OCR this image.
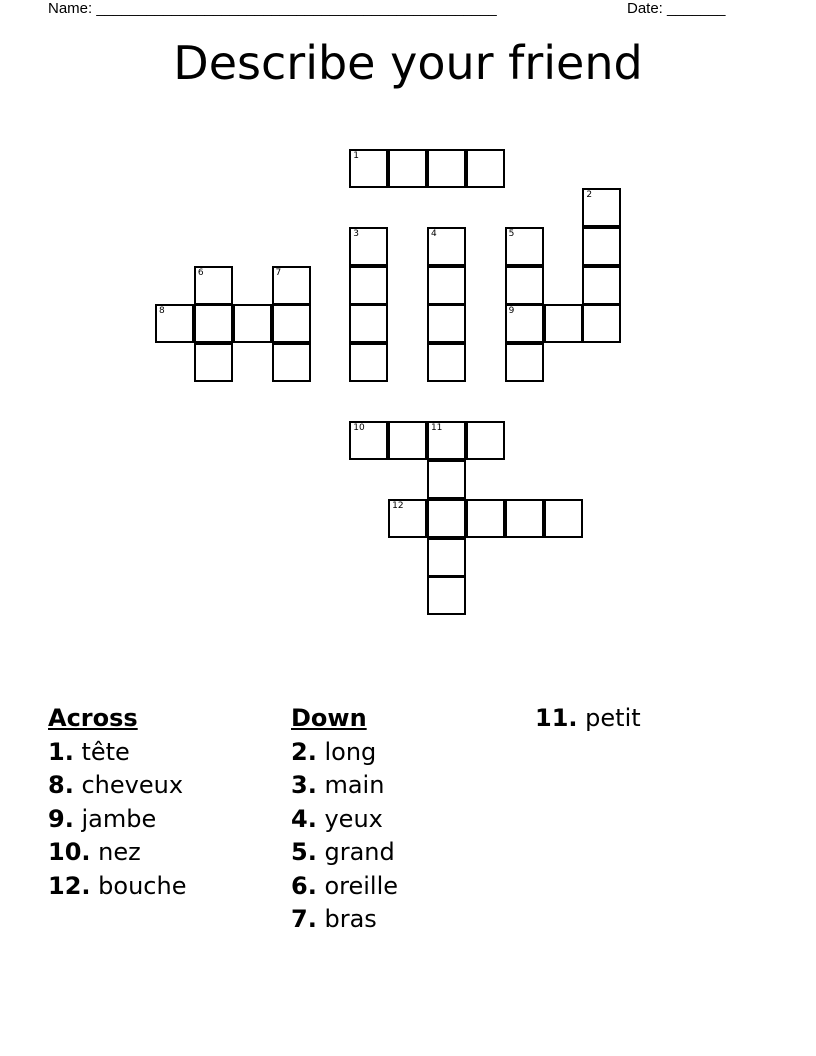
Name: ________________________________________________	Date: _______
Describe your friend
1
2
3	4	5
9
6	7
8
10	11
12
Across
1. tête
8. cheveux
9. jambe
10. nez
12. bouche
Down
2. long
3. main
4. yeux
5. grand
6. oreille
7. bras
11. petit
